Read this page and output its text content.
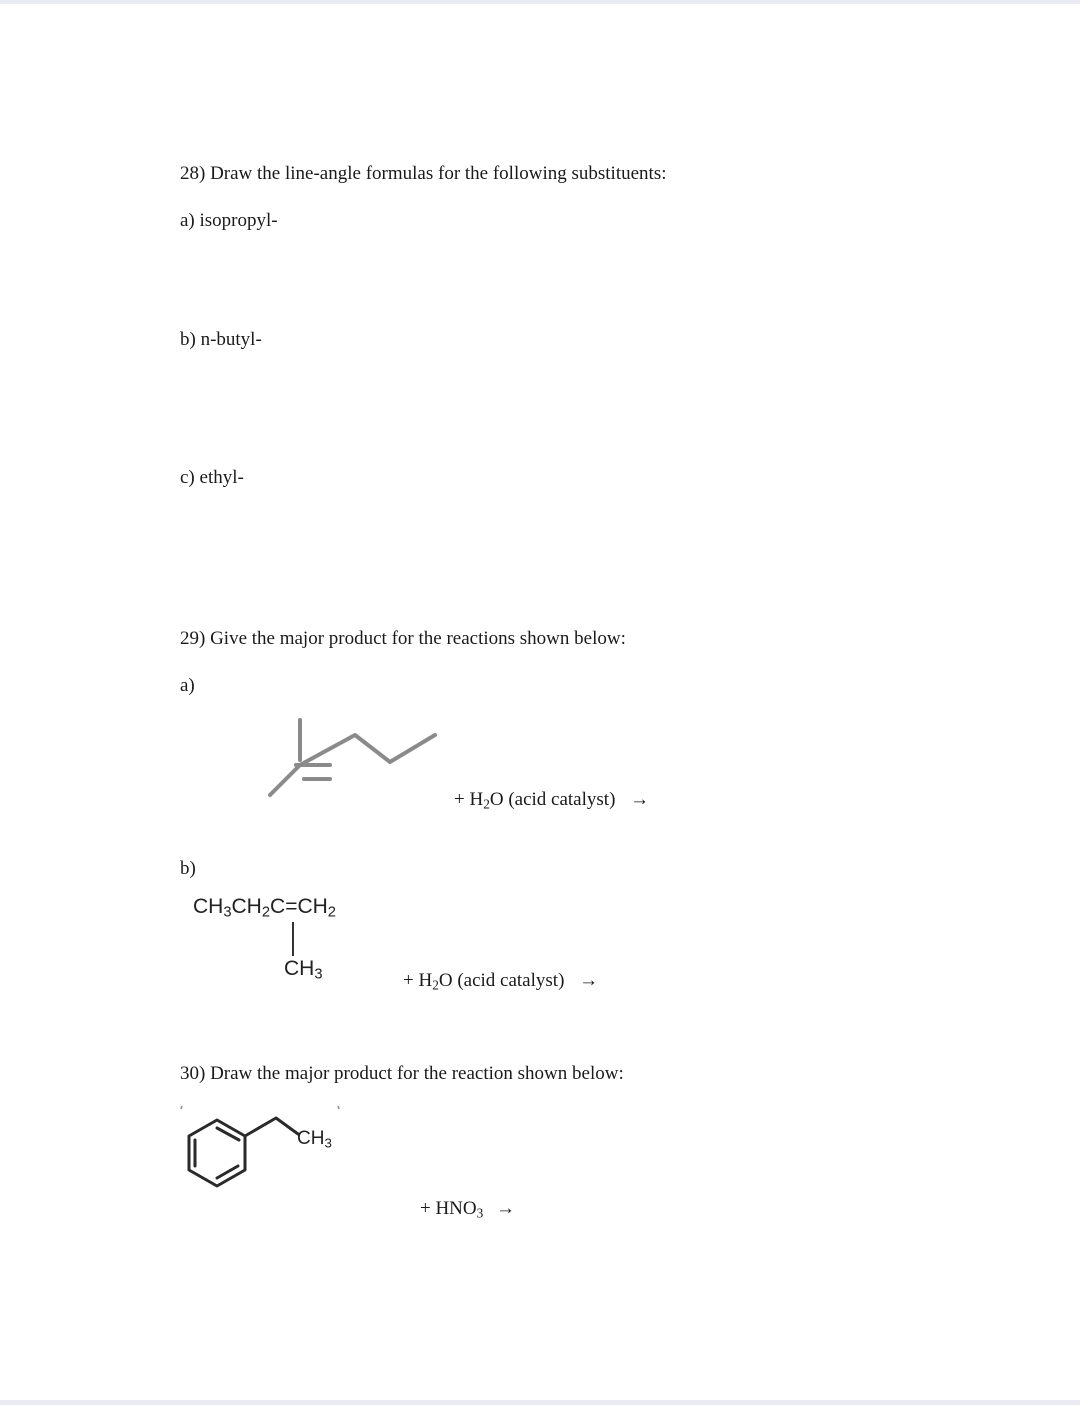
28) Draw the line-angle formulas for the following substituents:
a) isopropyl-
b) n-butyl-
c) ethyl-
29) Give the major product for the reactions shown below:
a)
+ $H_2O$ (acid catalyst) →
b)
$CH_3CH_2C=CH_2$
$CH_3$	+ $H_2O$ (acid catalyst) →
30) Draw the major product for the reaction shown below:
$CH_3$
+ $HNO_3$ →
